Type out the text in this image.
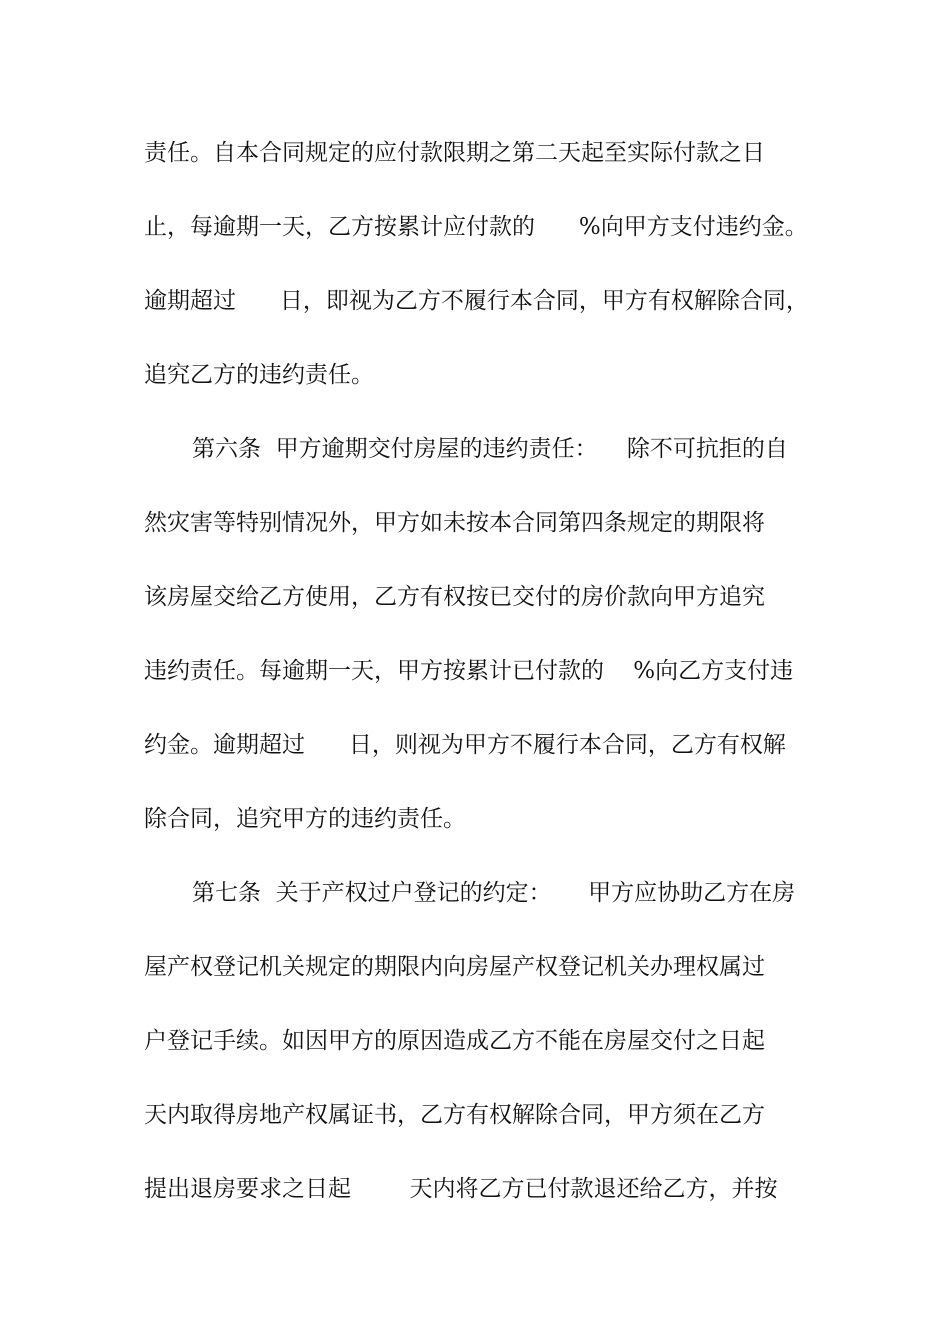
责任。自本合同规定的应付款限期之第二天起至实际付款之日
止，每逾期一天，乙方按累计应付款的      %向甲方支付违约金。
逾期超过      日，即视为乙方不履行本合同，甲方有权解除合同，
追究乙方的违约责任。
第六条  甲方逾期交付房屋的违约责任：    除不可抗拒的自
然灾害等特别情况外，甲方如未按本合同第四条规定的期限将
该房屋交给乙方使用，乙方有权按已交付的房价款向甲方追究
违约责任。每逾期一天，甲方按累计已付款的    %向乙方支付违
约金。逾期超过      日，则视为甲方不履行本合同，乙方有权解
除合同，追究甲方的违约责任。
第七条  关于产权过户登记的约定：     甲方应协助乙方在房
屋产权登记机关规定的期限内向房屋产权登记机关办理权属过
户登记手续。如因甲方的原因造成乙方不能在房屋交付之日起
天内取得房地产权属证书，乙方有权解除合同，甲方须在乙方
提出退房要求之日起        天内将乙方已付款退还给乙方，并按
